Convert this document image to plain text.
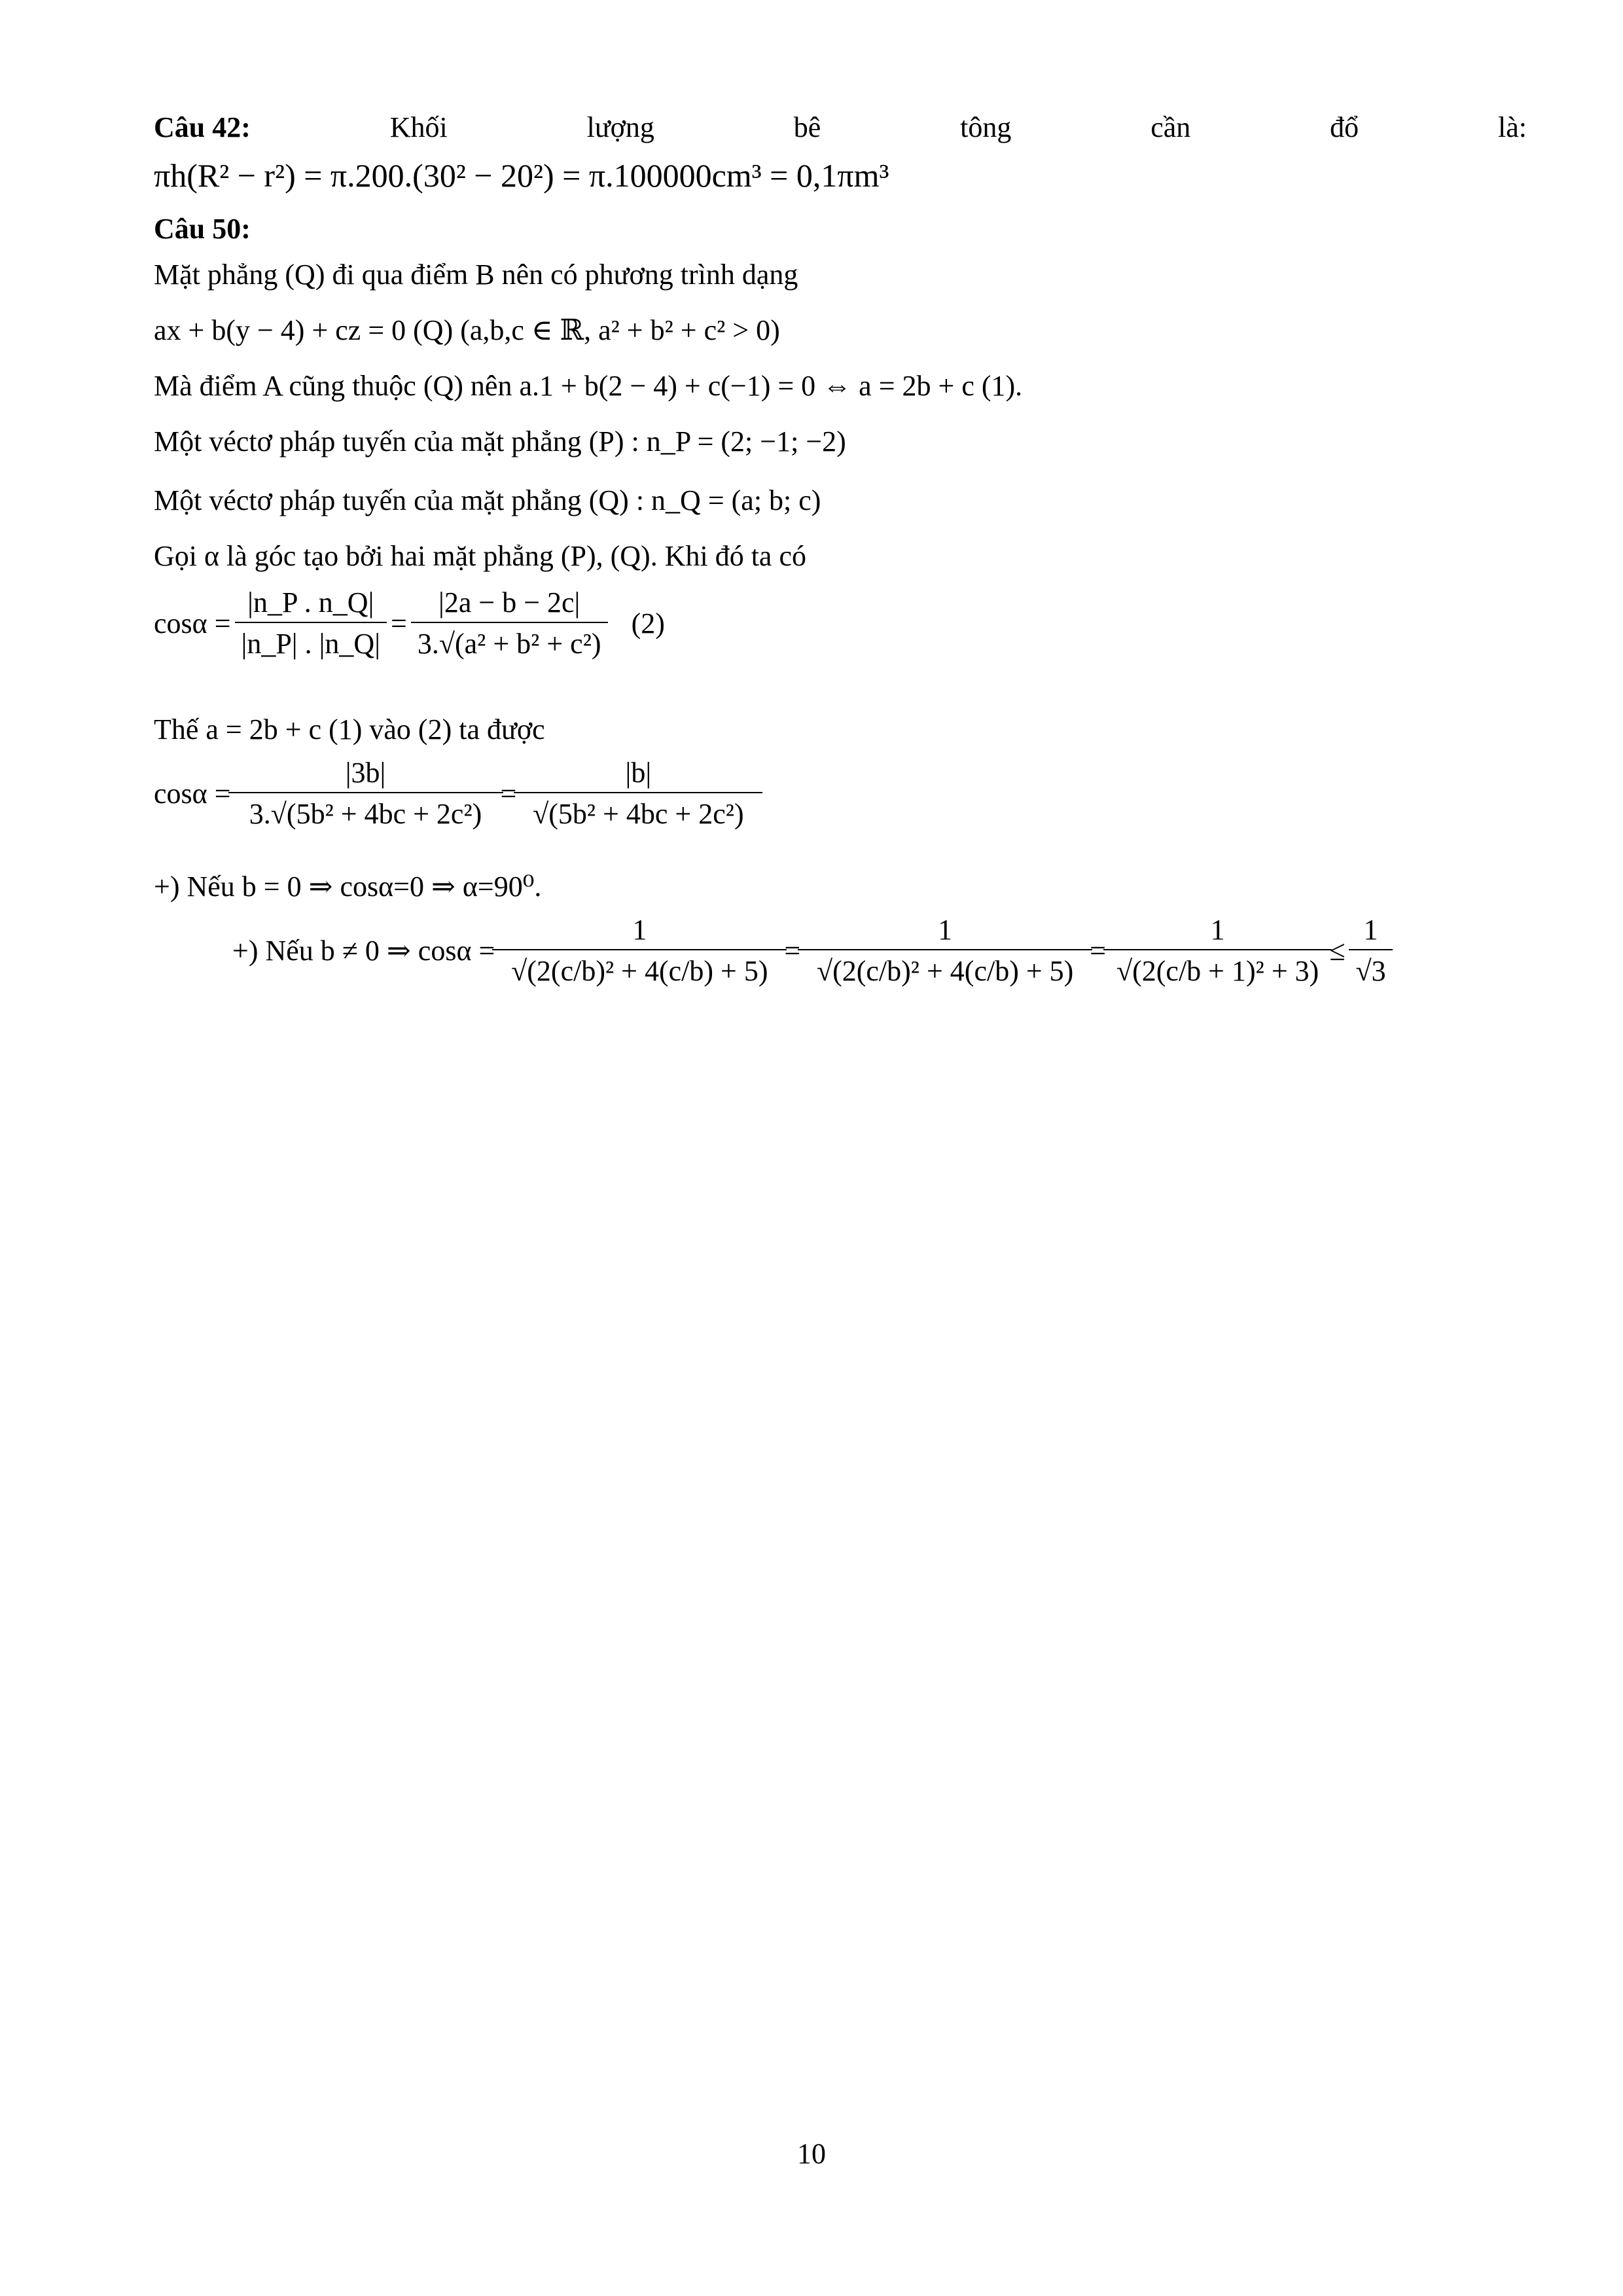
Câu 42:	Khối	lượng	bê	tông	cần	đổ	là:
πh(R² − r²) = π.200.(30² − 20²) = π.100000cm³ = 0,1πm³
Câu 50:
Mặt phẳng (Q) đi qua điểm B nên có phương trình dạng
ax + b(y − 4) + cz = 0 (Q) (a,b,c ∈ ℝ, a² + b² + c² > 0)
Mà điểm A cũng thuộc (Q) nên a.1 + b(2 − 4) + c(−1) = 0 ⇔ a = 2b + c (1).
Một véctơ pháp tuyến của mặt phẳng (P) : n_P = (2; −1; −2)
Một véctơ pháp tuyến của mặt phẳng (Q) : n_Q = (a; b; c)
Gọi α là góc tạo bởi hai mặt phẳng (P), (Q). Khi đó ta có
$\cos\alpha = \frac{|n\_P . n\_Q|}{|n\_P| . |n\_Q|} = \frac{|2a - b - 2c|}{\text{3.√(a² + b² + c²)}} (2)$
Thế a = 2b + c (1) vào (2) ta được
$\cos\alpha = \frac{|3b|}{\text{3.√(5b² + 4bc + 2c²)}} = \frac{|b|}{\text{√(5b² + 4bc + 2c²)}}$
+) Nếu b = 0 ⇒ cosα=0 ⇒ α=90⁰.
+) Nếu b ≠ 0 ⇒ $\cos\alpha = \frac{1}{\text{√(2(c/b)² + 4(c/b) + 5)}} = \frac{1}{\text{√(2(c/b)² + 4(c/b) + 5)}} = \frac{1}{\text{√(2(c/b + 1)² + 3)}} \le \frac{1}{√3}$
10
